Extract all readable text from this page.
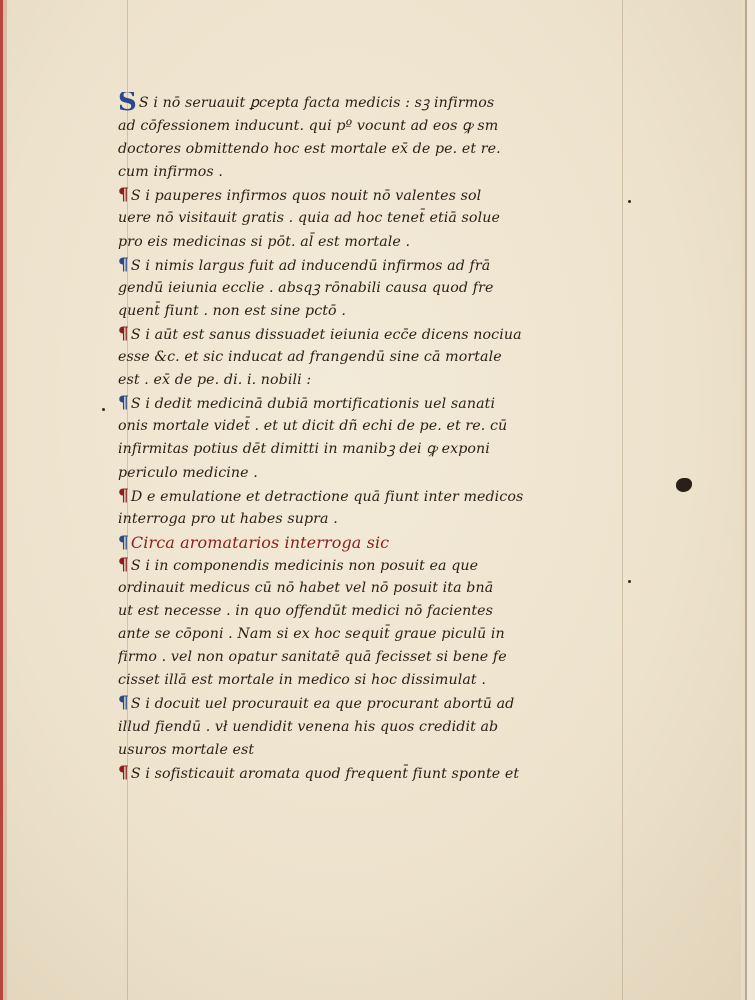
S S i nō seruauit ꝑcepta facta medicis : sꝫ infirmos
ad cōfessionem inducunt. qui pº vocunt ad eos ꝙ sm
doctores obmittendo hoc est mortale ex̄ de pe. et re.
cum infirmos .
¶ S i pauperes infirmos quos nouit nō valentes sol
uere nō visitauit gratis . quia ad hoc tenet̄ etiā solue
pro eis medicinas si pōt. al̄ est mortale .
¶ S i nimis largus fuit ad inducendū infirmos ad frā
gendū ieiunia ecclie . absqꝫ rōnabili causa quod fre
quent̄ fiunt . non est sine pctō .
¶ S i aūt est sanus dissuadet ieiunia ecc̄e dicens nociua
esse &c. et sic inducat ad frangendū sine cā mortale
est . ex̄ de pe. di. i. nobili :
¶ S i dedit medicinā dubiā mortificationis uel sanati
onis mortale videt̄ . et ut dicit dñ echi de pe. et re. cū
infirmitas potius dēt dimitti in manibꝫ dei ꝙ exponi
periculo medicine .
¶ D e emulatione et detractione quā fiunt inter medicos
interroga pro ut habes supra .
¶ Circa aromatarios interroga sic
¶ S i in componendis medicinis non posuit ea que
ordinauit medicus cū nō habet vel nō posuit ita bnā
ut est necesse . in quo offendūt medici nō facientes
ante se cōponi . Nam si ex hoc sequit̄ graue piculū in
firmo . vel non opatur sanitatē quā fecisset si bene fe
cisset illā est mortale in medico si hoc dissimulat .
¶ S i docuit uel procurauit ea que procurant abortū ad
illud fiendū . vł uendidit venena his quos credidit ab
usuros mortale est
¶ S i sofisticauit aromata quod frequent̄ fiunt sponte et
